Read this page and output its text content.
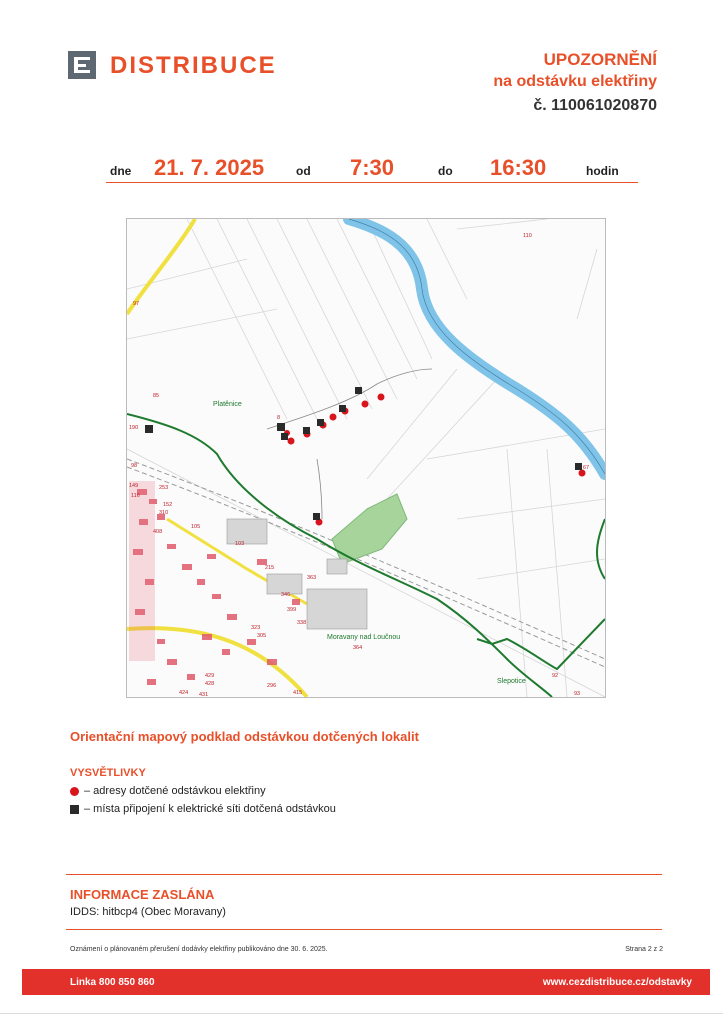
DISTRIBUCE	UPOZORNĚNÍ
na odstávku elektřiny
č. 110061020870
dne 21. 7. 2025	od 7:30	do 16:30	hodin
Platěnice
Moravany nad Loučnou
Slepotice
110
97
85
190
8
67
92
93
415
364
363
346
338
305
323
103
105
253
215
399
424 431
429
428	296
149
116
152
310
408
98
Orientační mapový podklad odstávkou dotčených lokalit
VYSVĚTLIVKY
– adresy dotčené odstávkou elektřiny
– místa připojení k elektrické síti dotčená odstávkou
INFORMACE ZASLÁNA
IDDS: hitbcp4 (Obec Moravany)
Oznámení o plánovaném přerušení dodávky elektřiny publikováno dne 30. 6. 2025.	Strana 2 z 2
Linka 800 850 860	www.cezdistribuce.cz/odstavky
